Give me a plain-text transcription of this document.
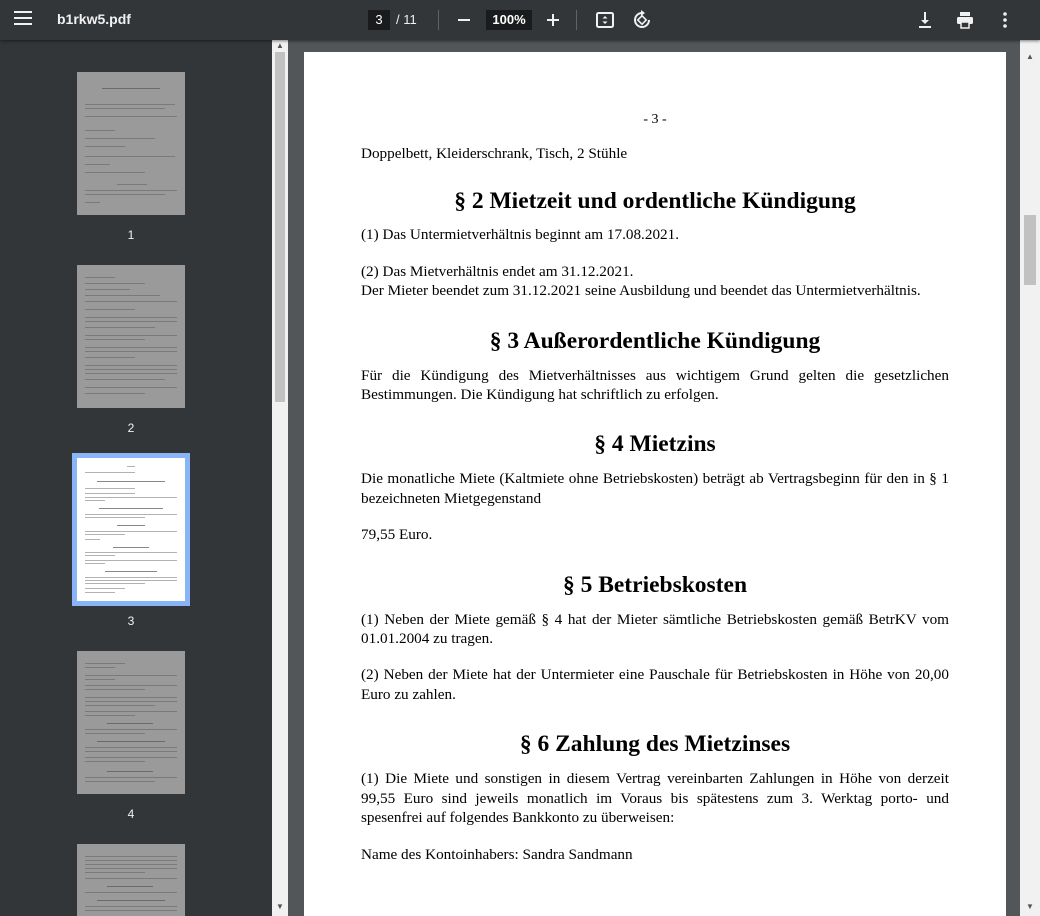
b1rkw5.pdf	3	/ 11	100%
1
2
3
4
▲
▼
- 3 -

Doppelbett, Kleiderschrank, Tisch, 2 Stühle

§ 2 Mietzeit und ordentliche Kündigung

(1) Das Untermietverhältnis beginnt am 17.08.2021.

(2) Das Mietverhältnis endet am 31.12.2021.
Der Mieter beendet zum 31.12.2021 seine Ausbildung und beendet das Untermietverhältnis.

§ 3 Außerordentliche Kündigung

Für die Kündigung des Mietverhältnisses aus wichtigem Grund gelten die gesetzlichen Bestimmungen. Die Kündigung hat schriftlich zu erfolgen.

§ 4 Mietzins

Die monatliche Miete (Kaltmiete ohne Betriebskosten) beträgt ab Vertragsbeginn für den in § 1 bezeichneten Mietgegenstand

79,55 Euro.

§ 5 Betriebskosten

(1) Neben der Miete gemäß § 4 hat der Mieter sämtliche Betriebskosten gemäß BetrKV vom 01.01.2004 zu tragen.

(2) Neben der Miete hat der Untermieter eine Pauschale für Betriebskosten in Höhe von 20,00 Euro zu zahlen.

§ 6 Zahlung des Mietzinses

(1) Die Miete und sonstigen in diesem Vertrag vereinbarten Zahlungen in Höhe von derzeit 99,55 Euro sind jeweils monatlich im Voraus bis spätestens zum 3. Werktag porto- und spesenfrei auf folgendes Bankkonto zu überweisen:

Name des Kontoinhabers: Sandra Sandmann

▲
▼
